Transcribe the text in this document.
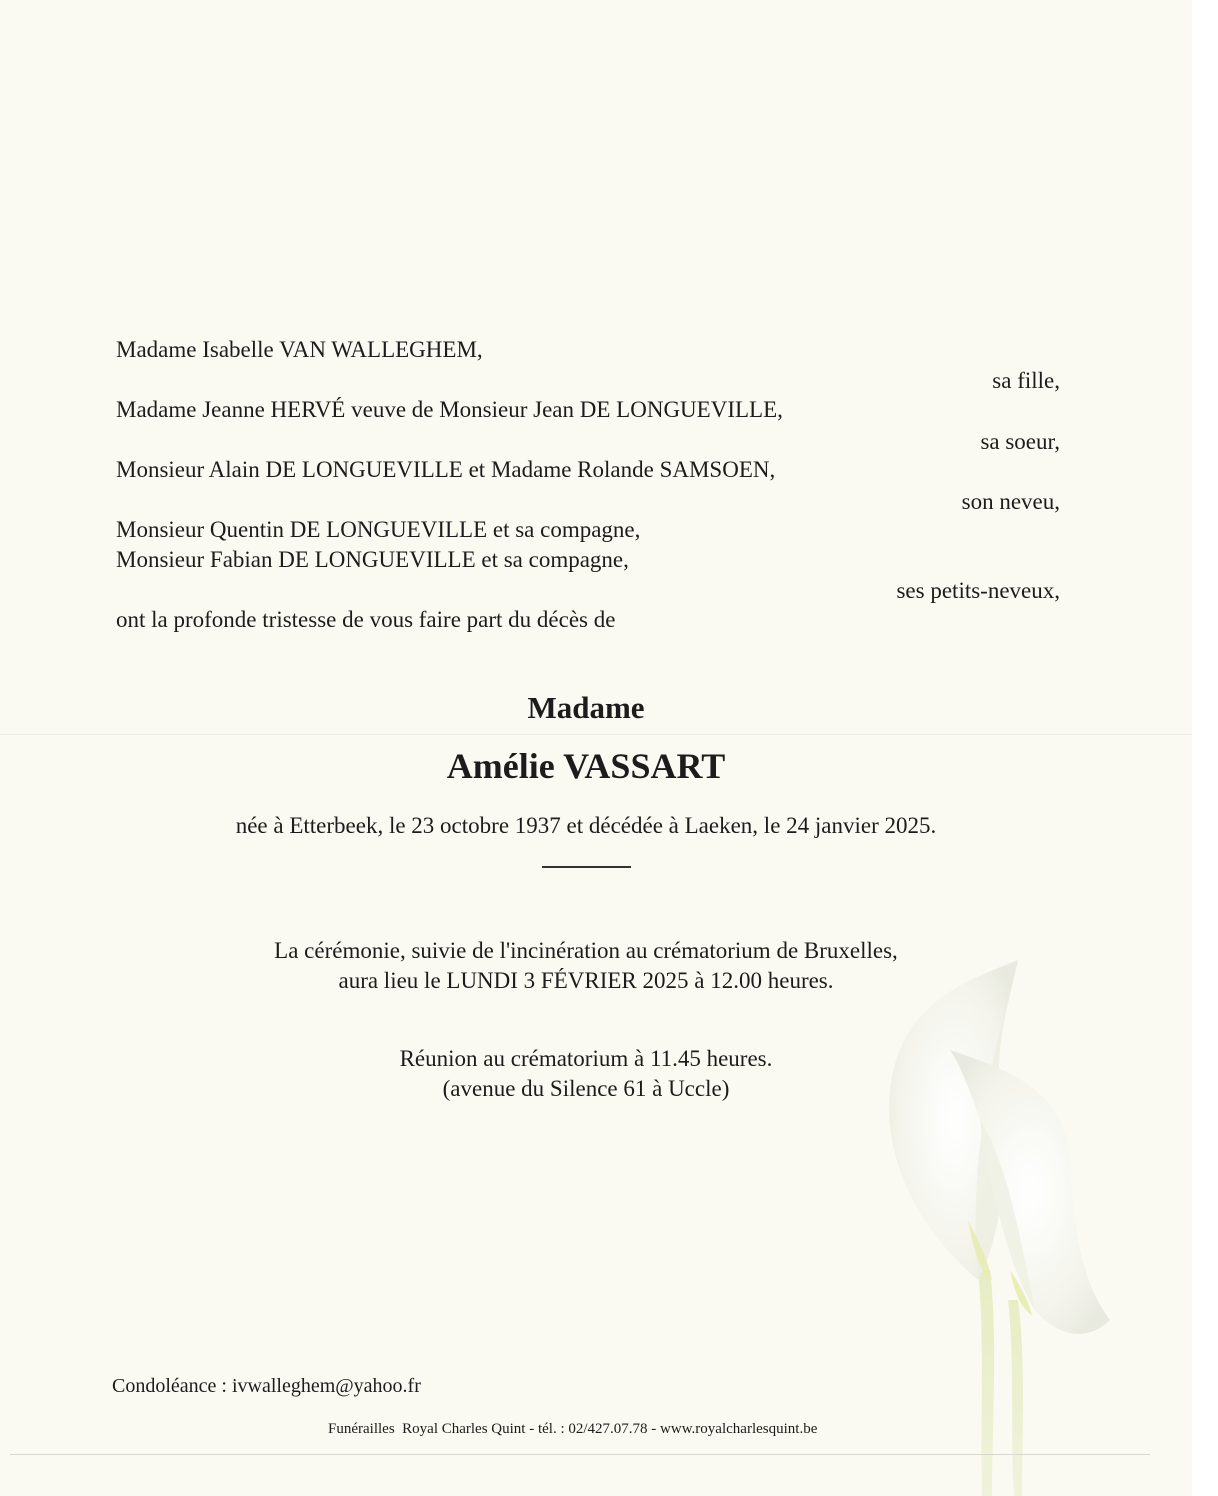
Madame Isabelle VAN WALLEGHEM,
sa fille,
Madame Jeanne HERVÉ veuve de Monsieur Jean DE LONGUEVILLE,
sa soeur,
Monsieur Alain DE LONGUEVILLE et Madame Rolande SAMSOEN,
son neveu,
Monsieur Quentin DE LONGUEVILLE et sa compagne,
Monsieur Fabian DE LONGUEVILLE et sa compagne,
ses petits-neveux,
ont la profonde tristesse de vous faire part du décès de
Madame
Amélie VASSART
née à Etterbeek, le 23 octobre 1937 et décédée à Laeken, le 24 janvier 2025.
La cérémonie, suivie de l'incinération au crématorium de Bruxelles,
aura lieu le LUNDI 3 FÉVRIER 2025 à 12.00 heures.
Réunion au crématorium à 11.45 heures.
(avenue du Silence 61 à Uccle)
Condoléance : ivwalleghem@yahoo.fr
Funérailles  Royal Charles Quint - tél. : 02/427.07.78 - www.royalcharlesquint.be
